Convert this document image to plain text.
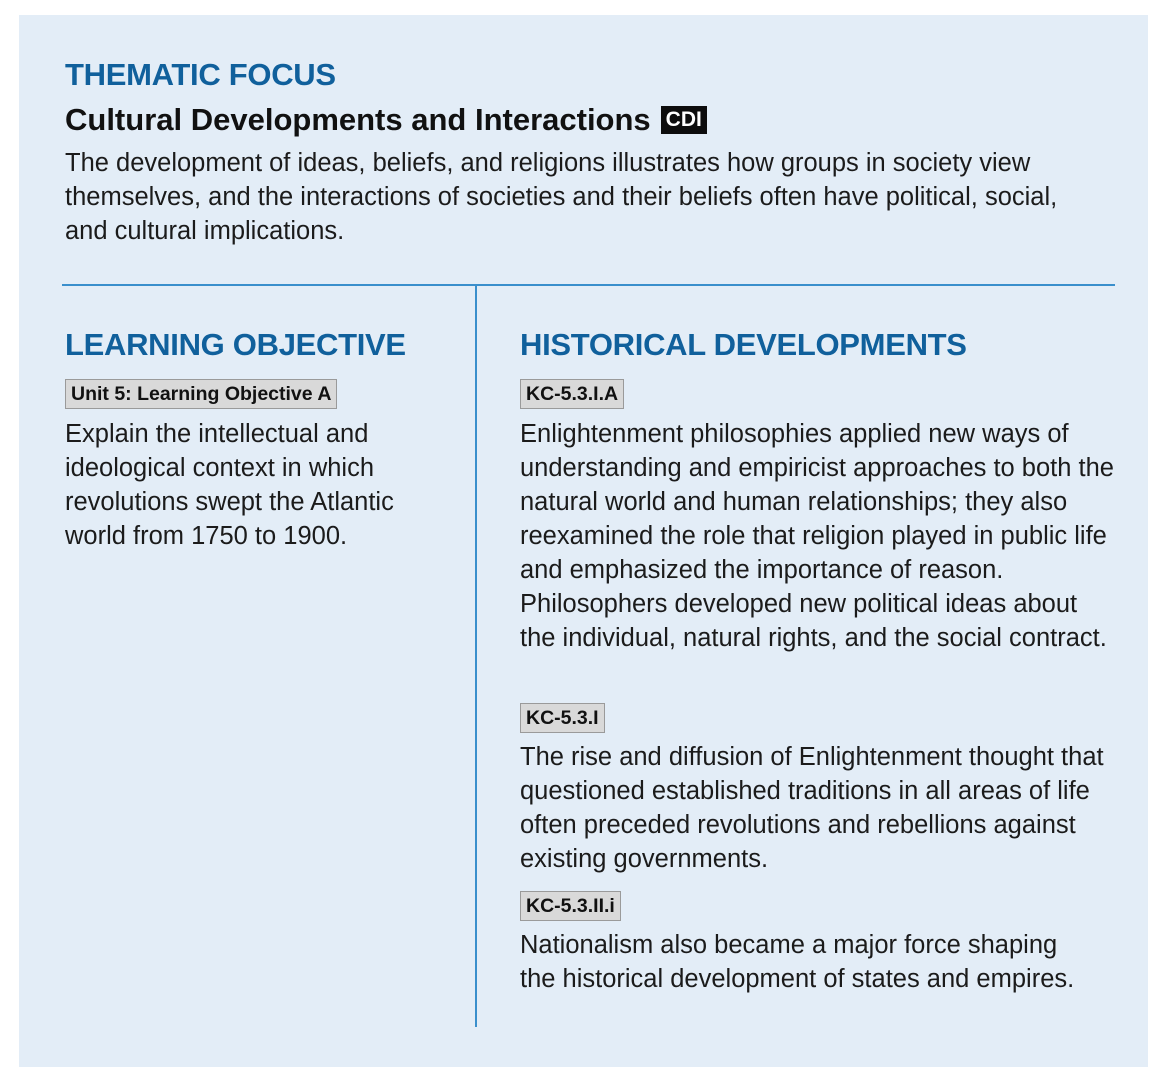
THEMATIC FOCUS
Cultural Developments and Interactions CDI

The development of ideas, beliefs, and religions illustrates how groups in society view themselves, and the interactions of societies and their beliefs often have political, social, and cultural implications.

LEARNING OBJECTIVE
Unit 5: Learning Objective A

Explain the intellectual and ideological context in which revolutions swept the Atlantic world from 1750 to 1900.

HISTORICAL DEVELOPMENTS
KC-5.3.I.A

Enlightenment philosophies applied new ways of understanding and empiricist approaches to both the natural world and human relationships; they also reexamined the role that religion played in public life and emphasized the importance of reason. Philosophers developed new political ideas about the individual, natural rights, and the social contract.

KC-5.3.I

The rise and diffusion of Enlightenment thought that questioned established traditions in all areas of life often preceded revolutions and rebellions against existing governments.

KC-5.3.II.i

Nationalism also became a major force shaping the historical development of states and empires.
